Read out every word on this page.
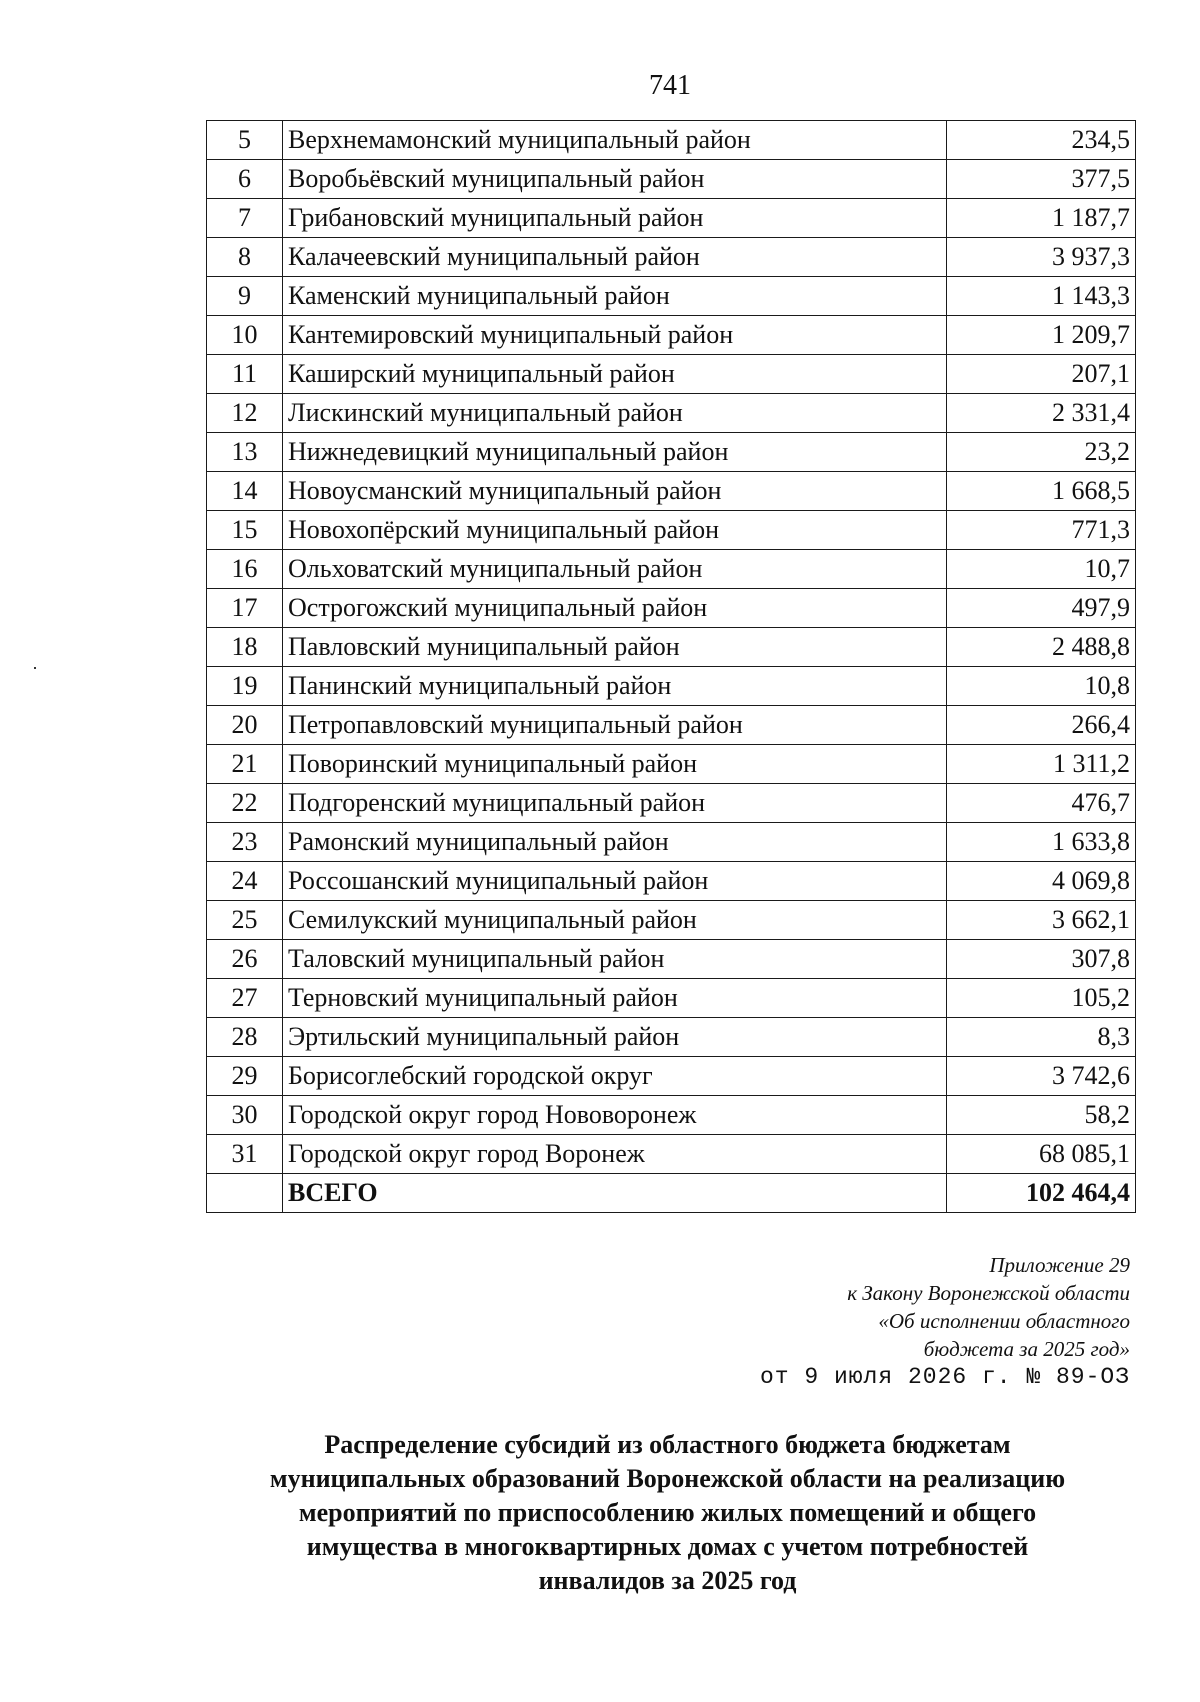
741
5	Верхнемамонский муниципальный район	234,5
6	Воробьёвский муниципальный район	377,5
7	Грибановский муниципальный район	1 187,7
8	Калачеевский муниципальный район	3 937,3
9	Каменский муниципальный район	1 143,3
10	Кантемировский муниципальный район	1 209,7
11	Каширский муниципальный район	207,1
12	Лискинский муниципальный район	2 331,4
13	Нижнедевицкий муниципальный район	23,2
14	Новоусманский муниципальный район	1 668,5
15	Новохопёрский муниципальный район	771,3
16	Ольховатский муниципальный район	10,7
17	Острогожский муниципальный район	497,9
18	Павловский муниципальный район	2 488,8
19	Панинский муниципальный район	10,8
20	Петропавловский муниципальный район	266,4
21	Поворинский муниципальный район	1 311,2
22	Подгоренский муниципальный район	476,7
23	Рамонский муниципальный район	1 633,8
24	Россошанский муниципальный район	4 069,8
25	Семилукский муниципальный район	3 662,1
26	Таловский муниципальный район	307,8
27	Терновский муниципальный район	105,2
28	Эртильский муниципальный район	8,3
29	Борисоглебский городской округ	3 742,6
30	Городской округ город Нововоронеж	58,2
31	Городской округ город Воронеж	68 085,1
	ВСЕГО	102 464,4
Приложение 29
к Закону Воронежской области
«Об исполнении областного
бюджета за 2025 год»
от 9 июля 2026 г. № 89-ОЗ
Распределение субсидий из областного бюджета бюджетам
муниципальных образований Воронежской области на реализацию
мероприятий по приспособлению жилых помещений и общего
имущества в многоквартирных домах с учетом потребностей
инвалидов за 2025 год
